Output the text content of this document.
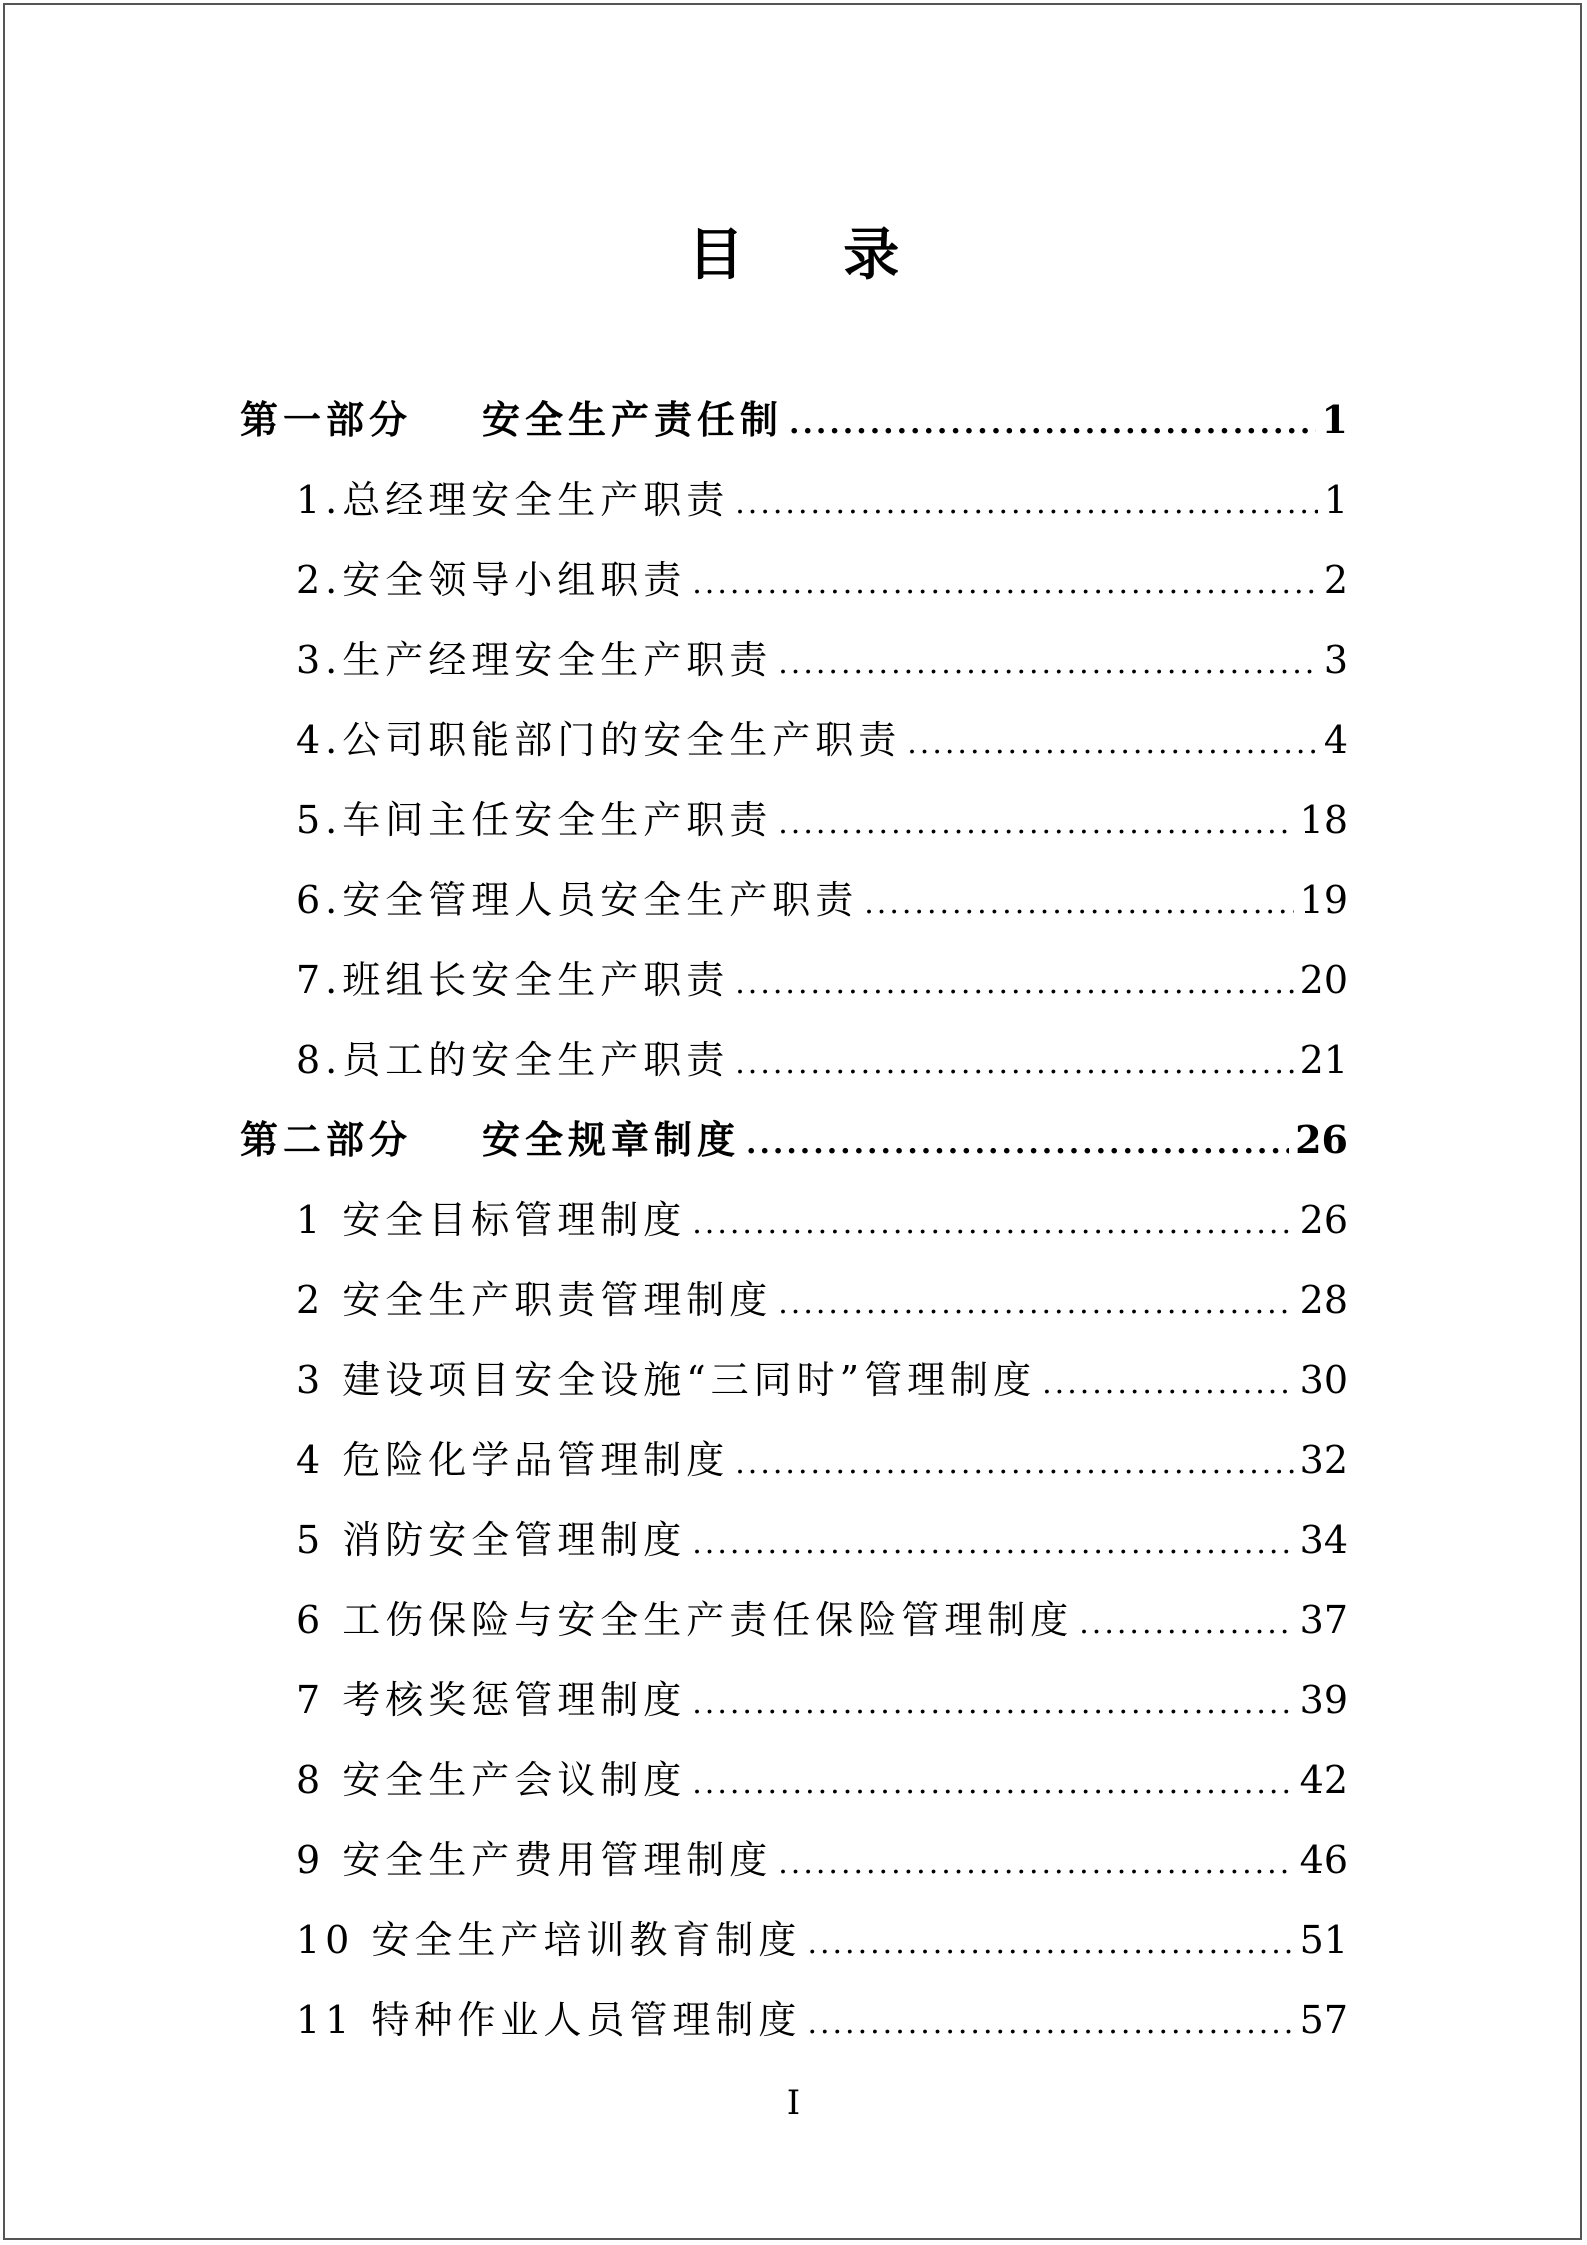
目 录
第一部分 安全生产责任制 .....	1
1.总经理安全生产职责 .....	1
2.安全领导小组职责 .....	2
3.生产经理安全生产职责 .....	3
4.公司职能部门的安全生产职责 .....	4
5.车间主任安全生产职责 .....	18
6.安全管理人员安全生产职责 .....	19
7.班组长安全生产职责 .....	20
8.员工的安全生产职责 .....	21
第二部分 安全规章制度 .....	26
1 安全目标管理制度 .....	26
2 安全生产职责管理制度 .....	28
3 建设项目安全设施“三同时”管理制度 .....	30
4 危险化学品管理制度 .....	32
5 消防安全管理制度 .....	34
6 工伤保险与安全生产责任保险管理制度 .....	37
7 考核奖惩管理制度 .....	39
8 安全生产会议制度 .....	42
9 安全生产费用管理制度 .....	46
10 安全生产培训教育制度 .....	51
11 特种作业人员管理制度 .....	57
I
